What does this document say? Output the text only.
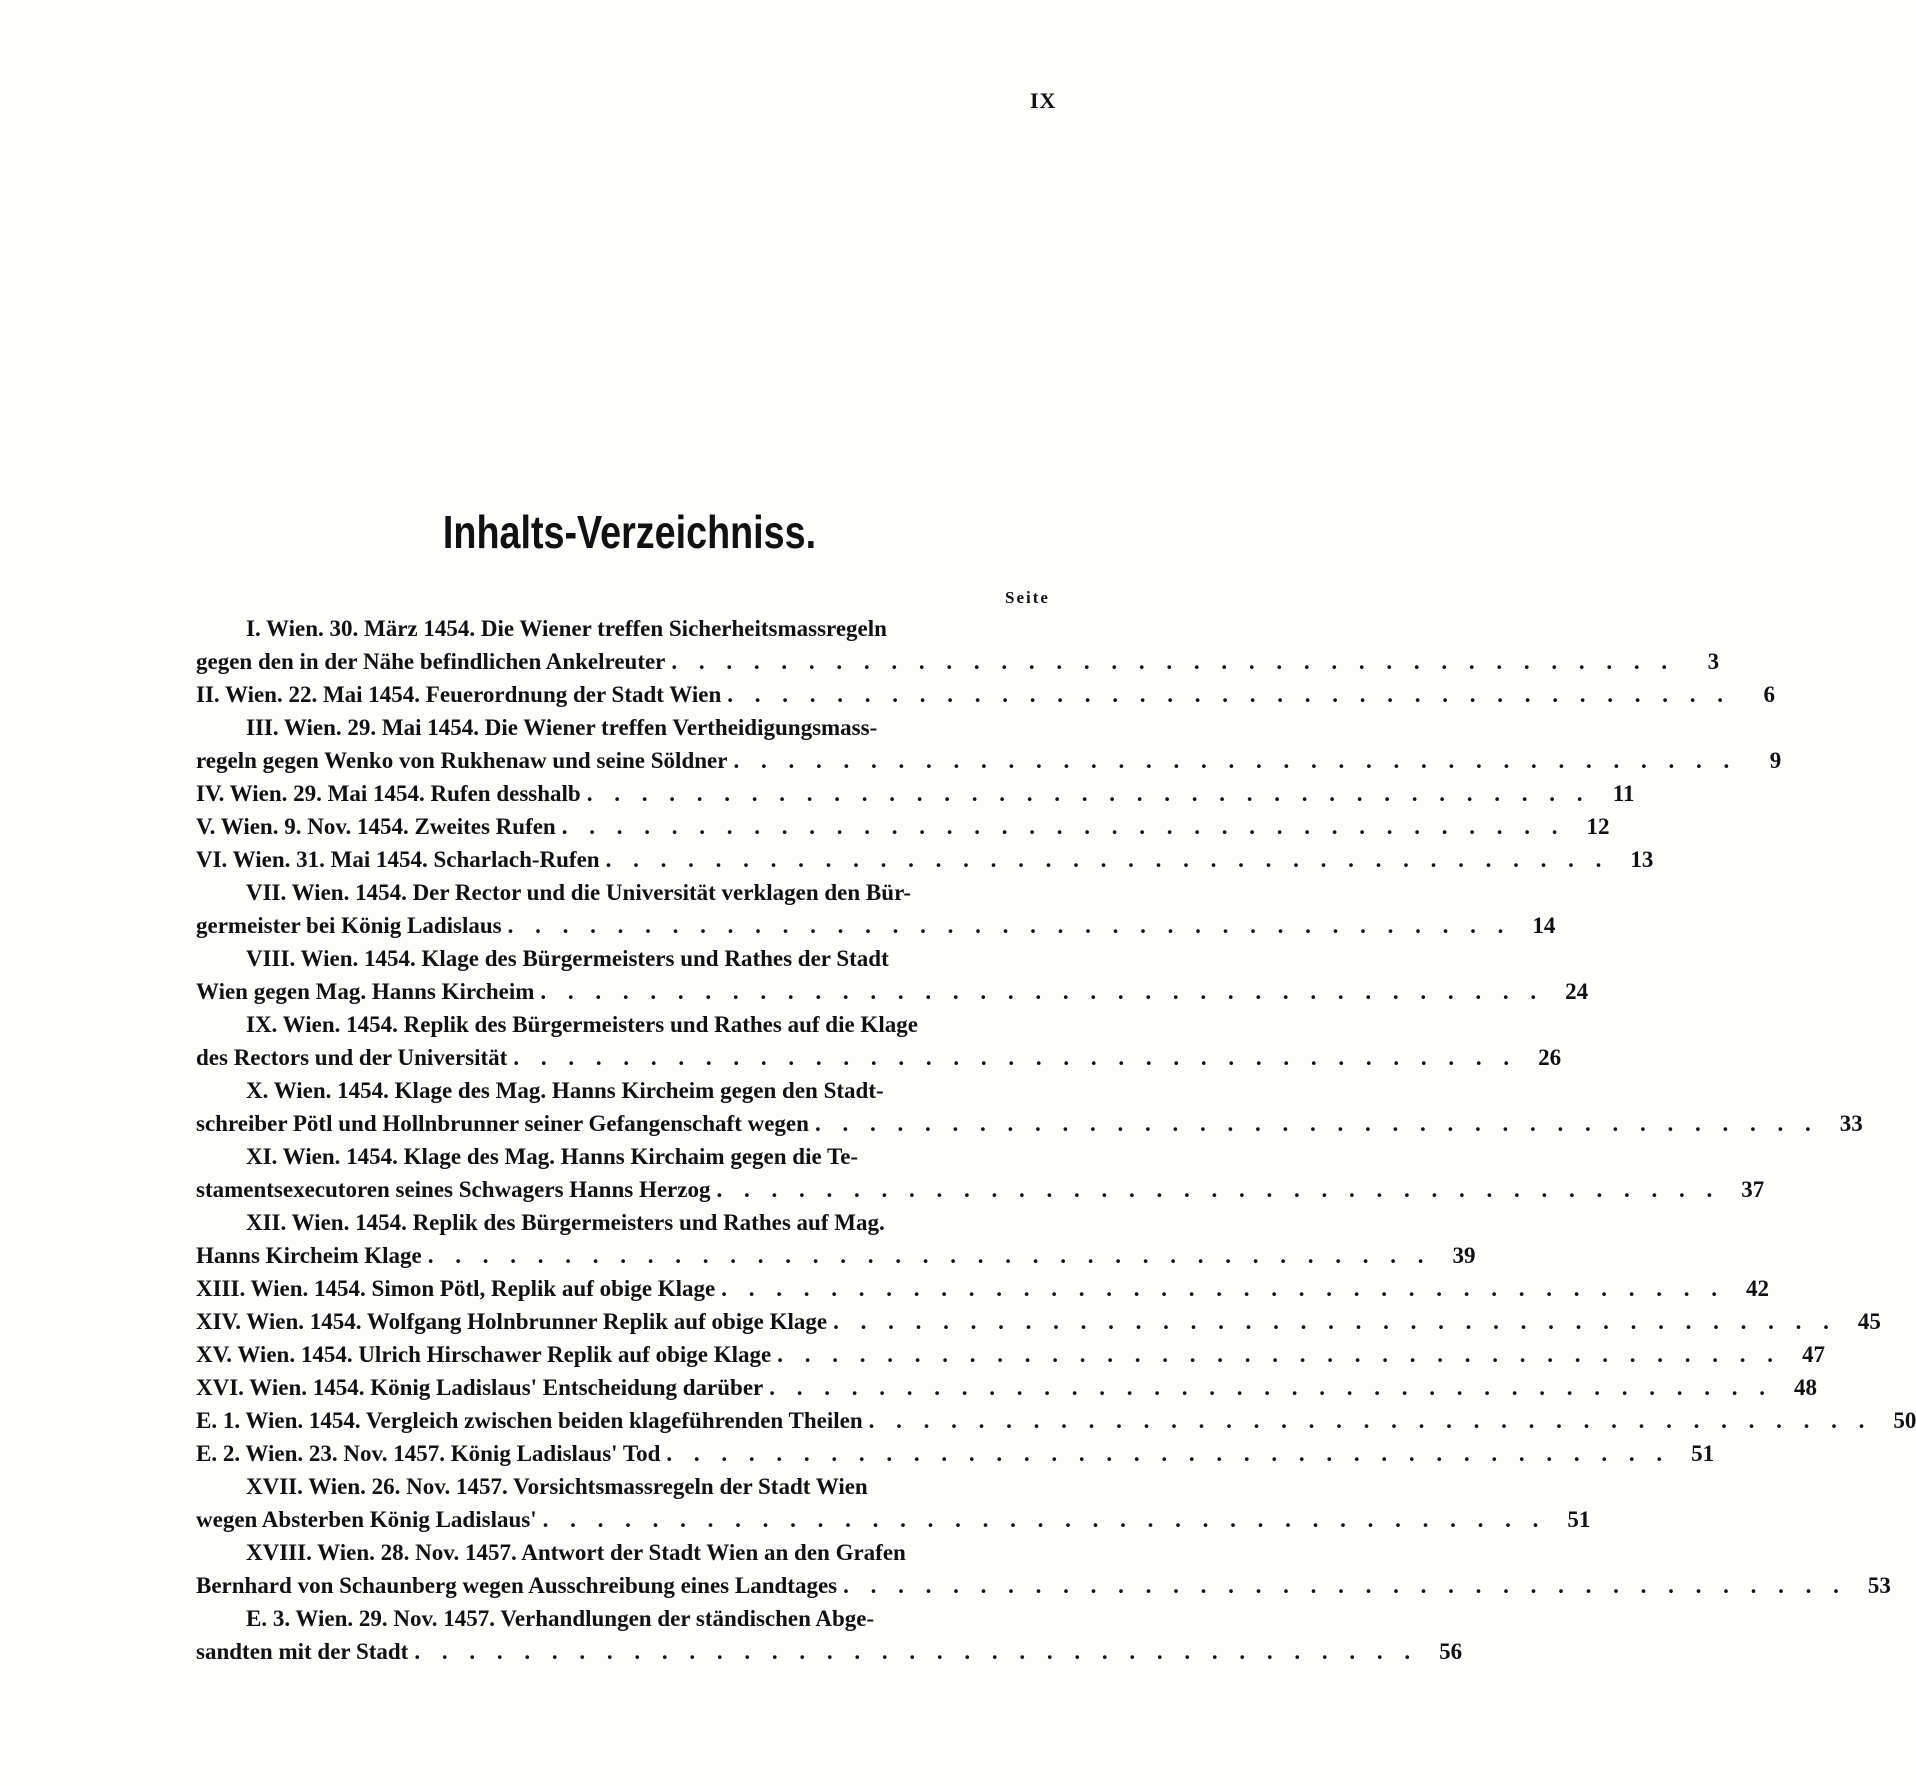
IX
Inhalts-Verzeichniss.
Seite
I. Wien. 30. März 1454. Die Wiener treffen Sicherheitsmassregeln
gegen den in der Nähe befindlichen Ankelreuter . . . . . . . . . . . . . . . . . . . . . . . . . . . . . . . . . . . . .	3
II. Wien. 22. Mai 1454. Feuerordnung der Stadt Wien . . . . . . . . . . . . . . . . . . . . . . . . . . . . . . . . . . . . .	6
III. Wien. 29. Mai 1454. Die Wiener treffen Vertheidigungsmass-
regeln gegen Wenko von Rukhenaw und seine Söldner . . . . . . . . . . . . . . . . . . . . . . . . . . . . . . . . . . . . .	9
IV. Wien. 29. Mai 1454. Rufen desshalb . . . . . . . . . . . . . . . . . . . . . . . . . . . . . . . . . . . . . 11
V. Wien. 9. Nov. 1454. Zweites Rufen . . . . . . . . . . . . . . . . . . . . . . . . . . . . . . . . . . . . . 12
VI. Wien. 31. Mai 1454. Scharlach-Rufen . . . . . . . . . . . . . . . . . . . . . . . . . . . . . . . . . . . . . 13
VII. Wien. 1454. Der Rector und die Universität verklagen den Bür-
germeister bei König Ladislaus . . . . . . . . . . . . . . . . . . . . . . . . . . . . . . . . . . . . . 14
VIII. Wien. 1454. Klage des Bürgermeisters und Rathes der Stadt
Wien gegen Mag. Hanns Kircheim . . . . . . . . . . . . . . . . . . . . . . . . . . . . . . . . . . . . . 24
IX. Wien. 1454. Replik des Bürgermeisters und Rathes auf die Klage
des Rectors und der Universität . . . . . . . . . . . . . . . . . . . . . . . . . . . . . . . . . . . . . 26
X. Wien. 1454. Klage des Mag. Hanns Kircheim gegen den Stadt-
schreiber Pötl und Hollnbrunner seiner Gefangenschaft wegen . . . . . . . . . . . . . . . . . . . . . . . . . . . . . . . . . . . . . 33
XI. Wien. 1454. Klage des Mag. Hanns Kirchaim gegen die Te-
stamentsexecutoren seines Schwagers Hanns Herzog . . . . . . . . . . . . . . . . . . . . . . . . . . . . . . . . . . . . . 37
XII. Wien. 1454. Replik des Bürgermeisters und Rathes auf Mag.
Hanns Kircheim Klage . . . . . . . . . . . . . . . . . . . . . . . . . . . . . . . . . . . . . 39
XIII. Wien. 1454. Simon Pötl, Replik auf obige Klage . . . . . . . . . . . . . . . . . . . . . . . . . . . . . . . . . . . . . 42
XIV. Wien. 1454. Wolfgang Holnbrunner Replik auf obige Klage . . . . . . . . . . . . . . . . . . . . . . . . . . . . . . . . . . . . . 45
XV. Wien. 1454. Ulrich Hirschawer Replik auf obige Klage . . . . . . . . . . . . . . . . . . . . . . . . . . . . . . . . . . . . . 47
XVI. Wien. 1454. König Ladislaus' Entscheidung darüber . . . . . . . . . . . . . . . . . . . . . . . . . . . . . . . . . . . . . 48
E. 1. Wien. 1454. Vergleich zwischen beiden klageführenden Theilen . . . . . . . . . . . . . . . . . . . . . . . . . . . . . . . . . . . . . 50
E. 2. Wien. 23. Nov. 1457. König Ladislaus' Tod . . . . . . . . . . . . . . . . . . . . . . . . . . . . . . . . . . . . . 51
XVII. Wien. 26. Nov. 1457. Vorsichtsmassregeln der Stadt Wien
wegen Absterben König Ladislaus' . . . . . . . . . . . . . . . . . . . . . . . . . . . . . . . . . . . . . 51
XVIII. Wien. 28. Nov. 1457. Antwort der Stadt Wien an den Grafen
Bernhard von Schaunberg wegen Ausschreibung eines Landtages . . . . . . . . . . . . . . . . . . . . . . . . . . . . . . . . . . . . . 53
E. 3. Wien. 29. Nov. 1457. Verhandlungen der ständischen Abge-
sandten mit der Stadt . . . . . . . . . . . . . . . . . . . . . . . . . . . . . . . . . . . . . 56
